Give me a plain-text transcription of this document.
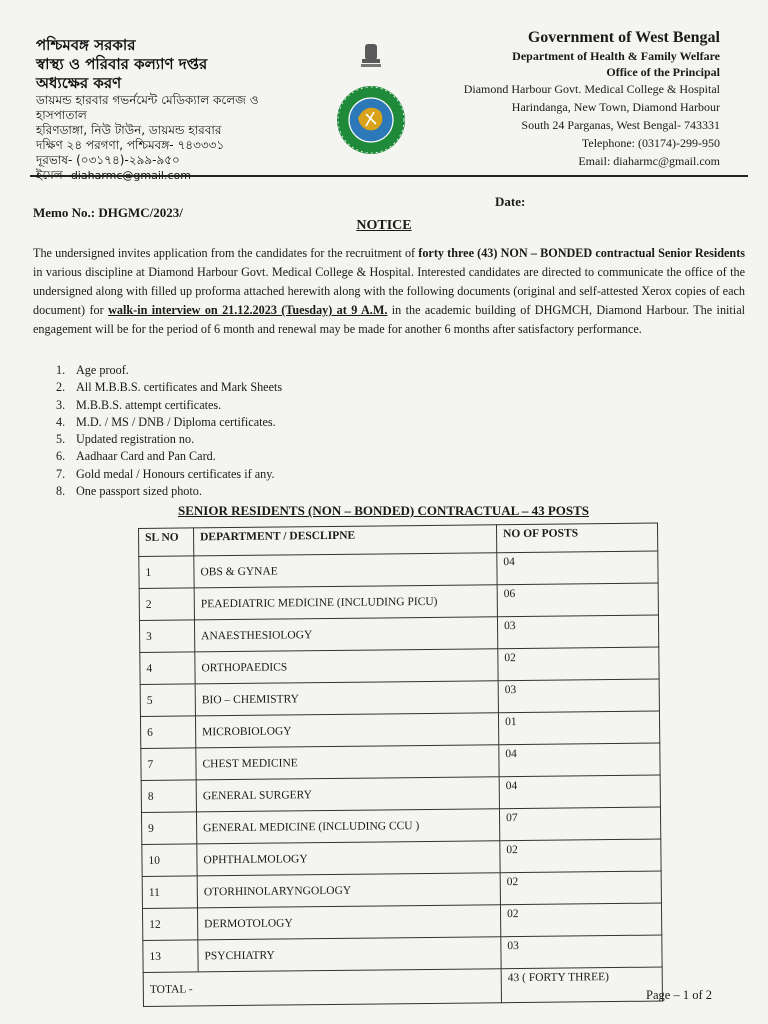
পশ্চিমবঙ্গ সরকার
স্বাস্থ্য ও পরিবার কল্যাণ দপ্তর
অধ্যক্ষের করণ
ডায়মন্ড হারবার গভর্নমেন্ট মেডিক্যাল কলেজ ও
হাসপাতাল
হরিণডাঙ্গা, নিউ টাউন, ডায়মন্ড হারবার
দক্ষিণ ২৪ পরগণা, পশ্চিমবঙ্গ- ৭৪৩৩৩১
দূরভাষ- (০৩১৭৪)-২৯৯-৯৫০
ইমেল- diaharmc@gmail.com
Government of West Bengal
Department of Health & Family Welfare
Office of the Principal
Diamond Harbour Govt. Medical College & Hospital
Harindanga, New Town, Diamond Harbour
South 24 Parganas, West Bengal- 743331
Telephone: (03174)-299-950
Email: diaharmc@gmail.com
Date:
Memo No.: DHGMC/2023/
NOTICE
The undersigned invites application from the candidates for the recruitment of forty three (43) NON – BONDED contractual Senior Residents in various discipline at Diamond Harbour Govt. Medical College & Hospital. Interested candidates are directed to communicate the office of the undersigned along with filled up proforma attached herewith along with the following documents (original and self-attested Xerox copies of each document) for walk-in interview on 21.12.2023 (Tuesday) at 9 A.M. in the academic building of DHGMCH, Diamond Harbour. The initial engagement will be for the period of 6 month and renewal may be made for another 6 months after satisfactory performance.
1. Age proof.
2. All M.B.B.S. certificates and Mark Sheets
3. M.B.B.S. attempt certificates.
4. M.D. / MS / DNB / Diploma certificates.
5. Updated registration no.
6. Aadhaar Card and Pan Card.
7. Gold medal / Honours certificates if any.
8. One passport sized photo.
SENIOR RESIDENTS (NON – BONDED) CONTRACTUAL – 43 POSTS
SL NO	DEPARTMENT / DESCLIPNE	NO OF POSTS
1	OBS & GYNAE	04
2	PEAEDIATRIC MEDICINE (INCLUDING PICU)	06
3	ANAESTHESIOLOGY	03
4	ORTHOPAEDICS	02
5	BIO – CHEMISTRY	03
6	MICROBIOLOGY	01
7	CHEST MEDICINE	04
8	GENERAL SURGERY	04
9	GENERAL MEDICINE (INCLUDING CCU )	07
10	OPHTHALMOLOGY	02
11	OTORHINOLARYNGOLOGY	02
12	DERMOTOLOGY	02
13	PSYCHIATRY	03
TOTAL -		43 ( FORTY THREE)
Page – 1 of 2
